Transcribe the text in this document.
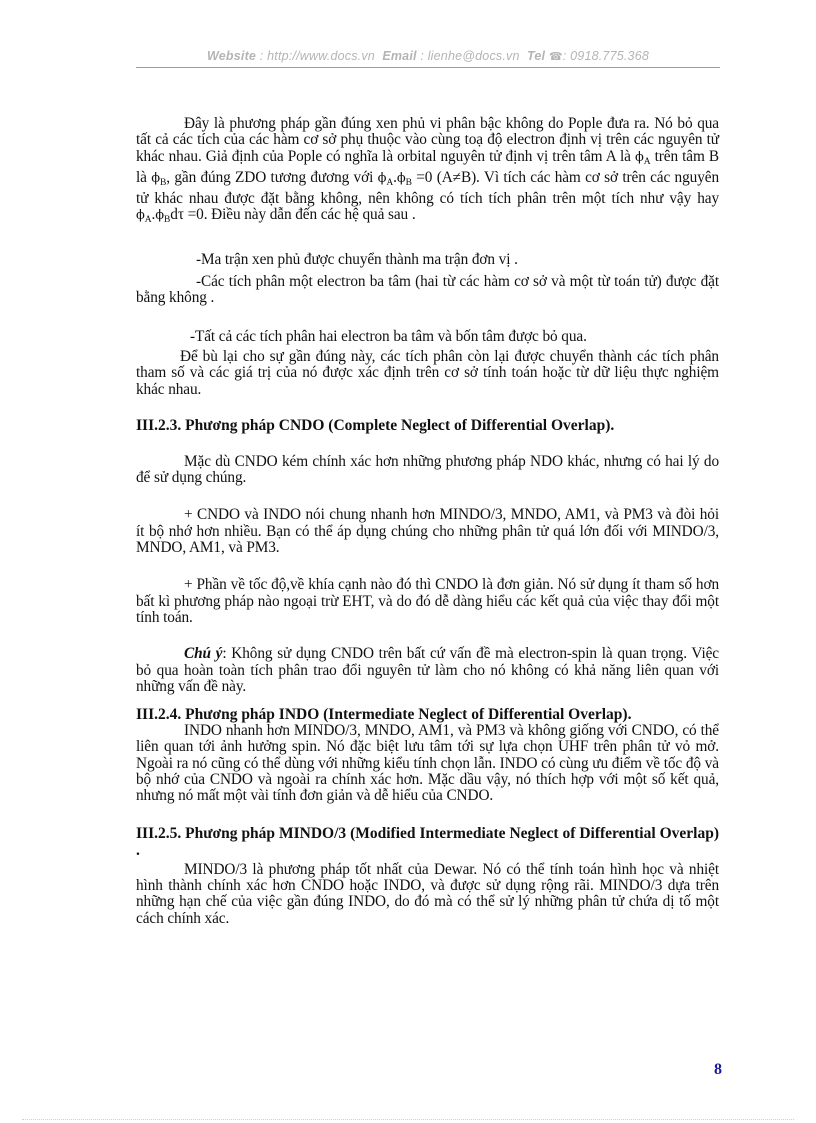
Website : http://www.docs.vn Email : lienhe@docs.vn Tel ☎: 0918.775.368

Đây là phương pháp gần đúng xen phủ vi phân bậc không do Pople đưa ra. Nó bỏ qua tất cả các tích của các hàm cơ sở phụ thuộc vào cùng toạ độ electron định vị trên các nguyên tử khác nhau. Giả định của Pople có nghĩa là orbital nguyên tử định vị trên tâm A là $\phi_A$ trên tâm B là $\phi_B$, gần đúng ZDO tương đương với $\phi_A.\phi_B =0$ (A≠B). Vì tích các hàm cơ sở trên các nguyên tử khác nhau được đặt bằng không, nên không có tích tích phân trên một tích như vậy hay $\phi_A.\phi_Bd\tau =0$. Điều này dẫn đến các hệ quả sau .

-Ma trận xen phủ được chuyển thành ma trận đơn vị .

-Các tích phân một electron ba tâm (hai từ các hàm cơ sở và một từ toán tử) được đặt bằng không .

-Tất cả các tích phân hai electron ba tâm và bốn tâm được bỏ qua.

Để bù lại cho sự gần đúng này, các tích phân còn lại được chuyển thành các tích phân tham số và các giá trị của nó được xác định trên cơ sở tính toán hoặc từ dữ liệu thực nghiệm khác nhau.

III.2.3. Phương pháp CNDO (Complete Neglect of Differential Overlap).

Mặc dù CNDO kém chính xác hơn những phương pháp NDO khác, nhưng có hai lý do để sử dụng chúng.

+ CNDO và INDO nói chung nhanh hơn MINDO/3, MNDO, AM1, và PM3 và đòi hỏi ít bộ nhớ hơn nhiều. Bạn có thể áp dụng chúng cho những phân tử quá lớn đối với MINDO/3, MNDO, AM1, và PM3.

+ Phần về tốc độ,về khía cạnh nào đó thì CNDO là đơn giản. Nó sử dụng ít tham số hơn bất kì phương pháp nào ngoại trừ EHT, và do đó dễ dàng hiểu các kết quả của việc thay đổi một tính toán.

Chú ý: Không sử dụng CNDO trên bất cứ vấn đề mà electron-spin là quan trọng. Việc bỏ qua hoàn toàn tích phân trao đổi nguyên tử làm cho nó không có khả năng liên quan với những vấn đề này.

III.2.4. Phương pháp INDO (Intermediate Neglect of Differential Overlap).

INDO nhanh hơn MINDO/3, MNDO, AM1, và PM3 và không giống với CNDO, có thể liên quan tới ảnh hưởng spin. Nó đặc biệt lưu tâm tới sự lựa chọn UHF trên phân tử vỏ mở. Ngoài ra nó cũng có thể dùng với những kiểu tính chọn lẫn. INDO có cùng ưu điểm về tốc độ và bộ nhớ của CNDO và ngoài ra chính xác hơn. Mặc dầu vậy, nó thích hợp với một số kết quả, nhưng nó mất một vài tính đơn giản và dễ hiểu của CNDO.

III.2.5. Phương pháp MINDO/3 (Modified Intermediate Neglect of Differential Overlap) .

MINDO/3 là phương pháp tốt nhất của Dewar. Nó có thể tính toán hình học và nhiệt hình thành chính xác hơn CNDO hoặc INDO, và được sử dụng rộng rãi. MINDO/3 dựa trên những hạn chế của việc gần đúng INDO, do đó mà có thể sử lý những phân tử chứa dị tố một cách chính xác.

8
